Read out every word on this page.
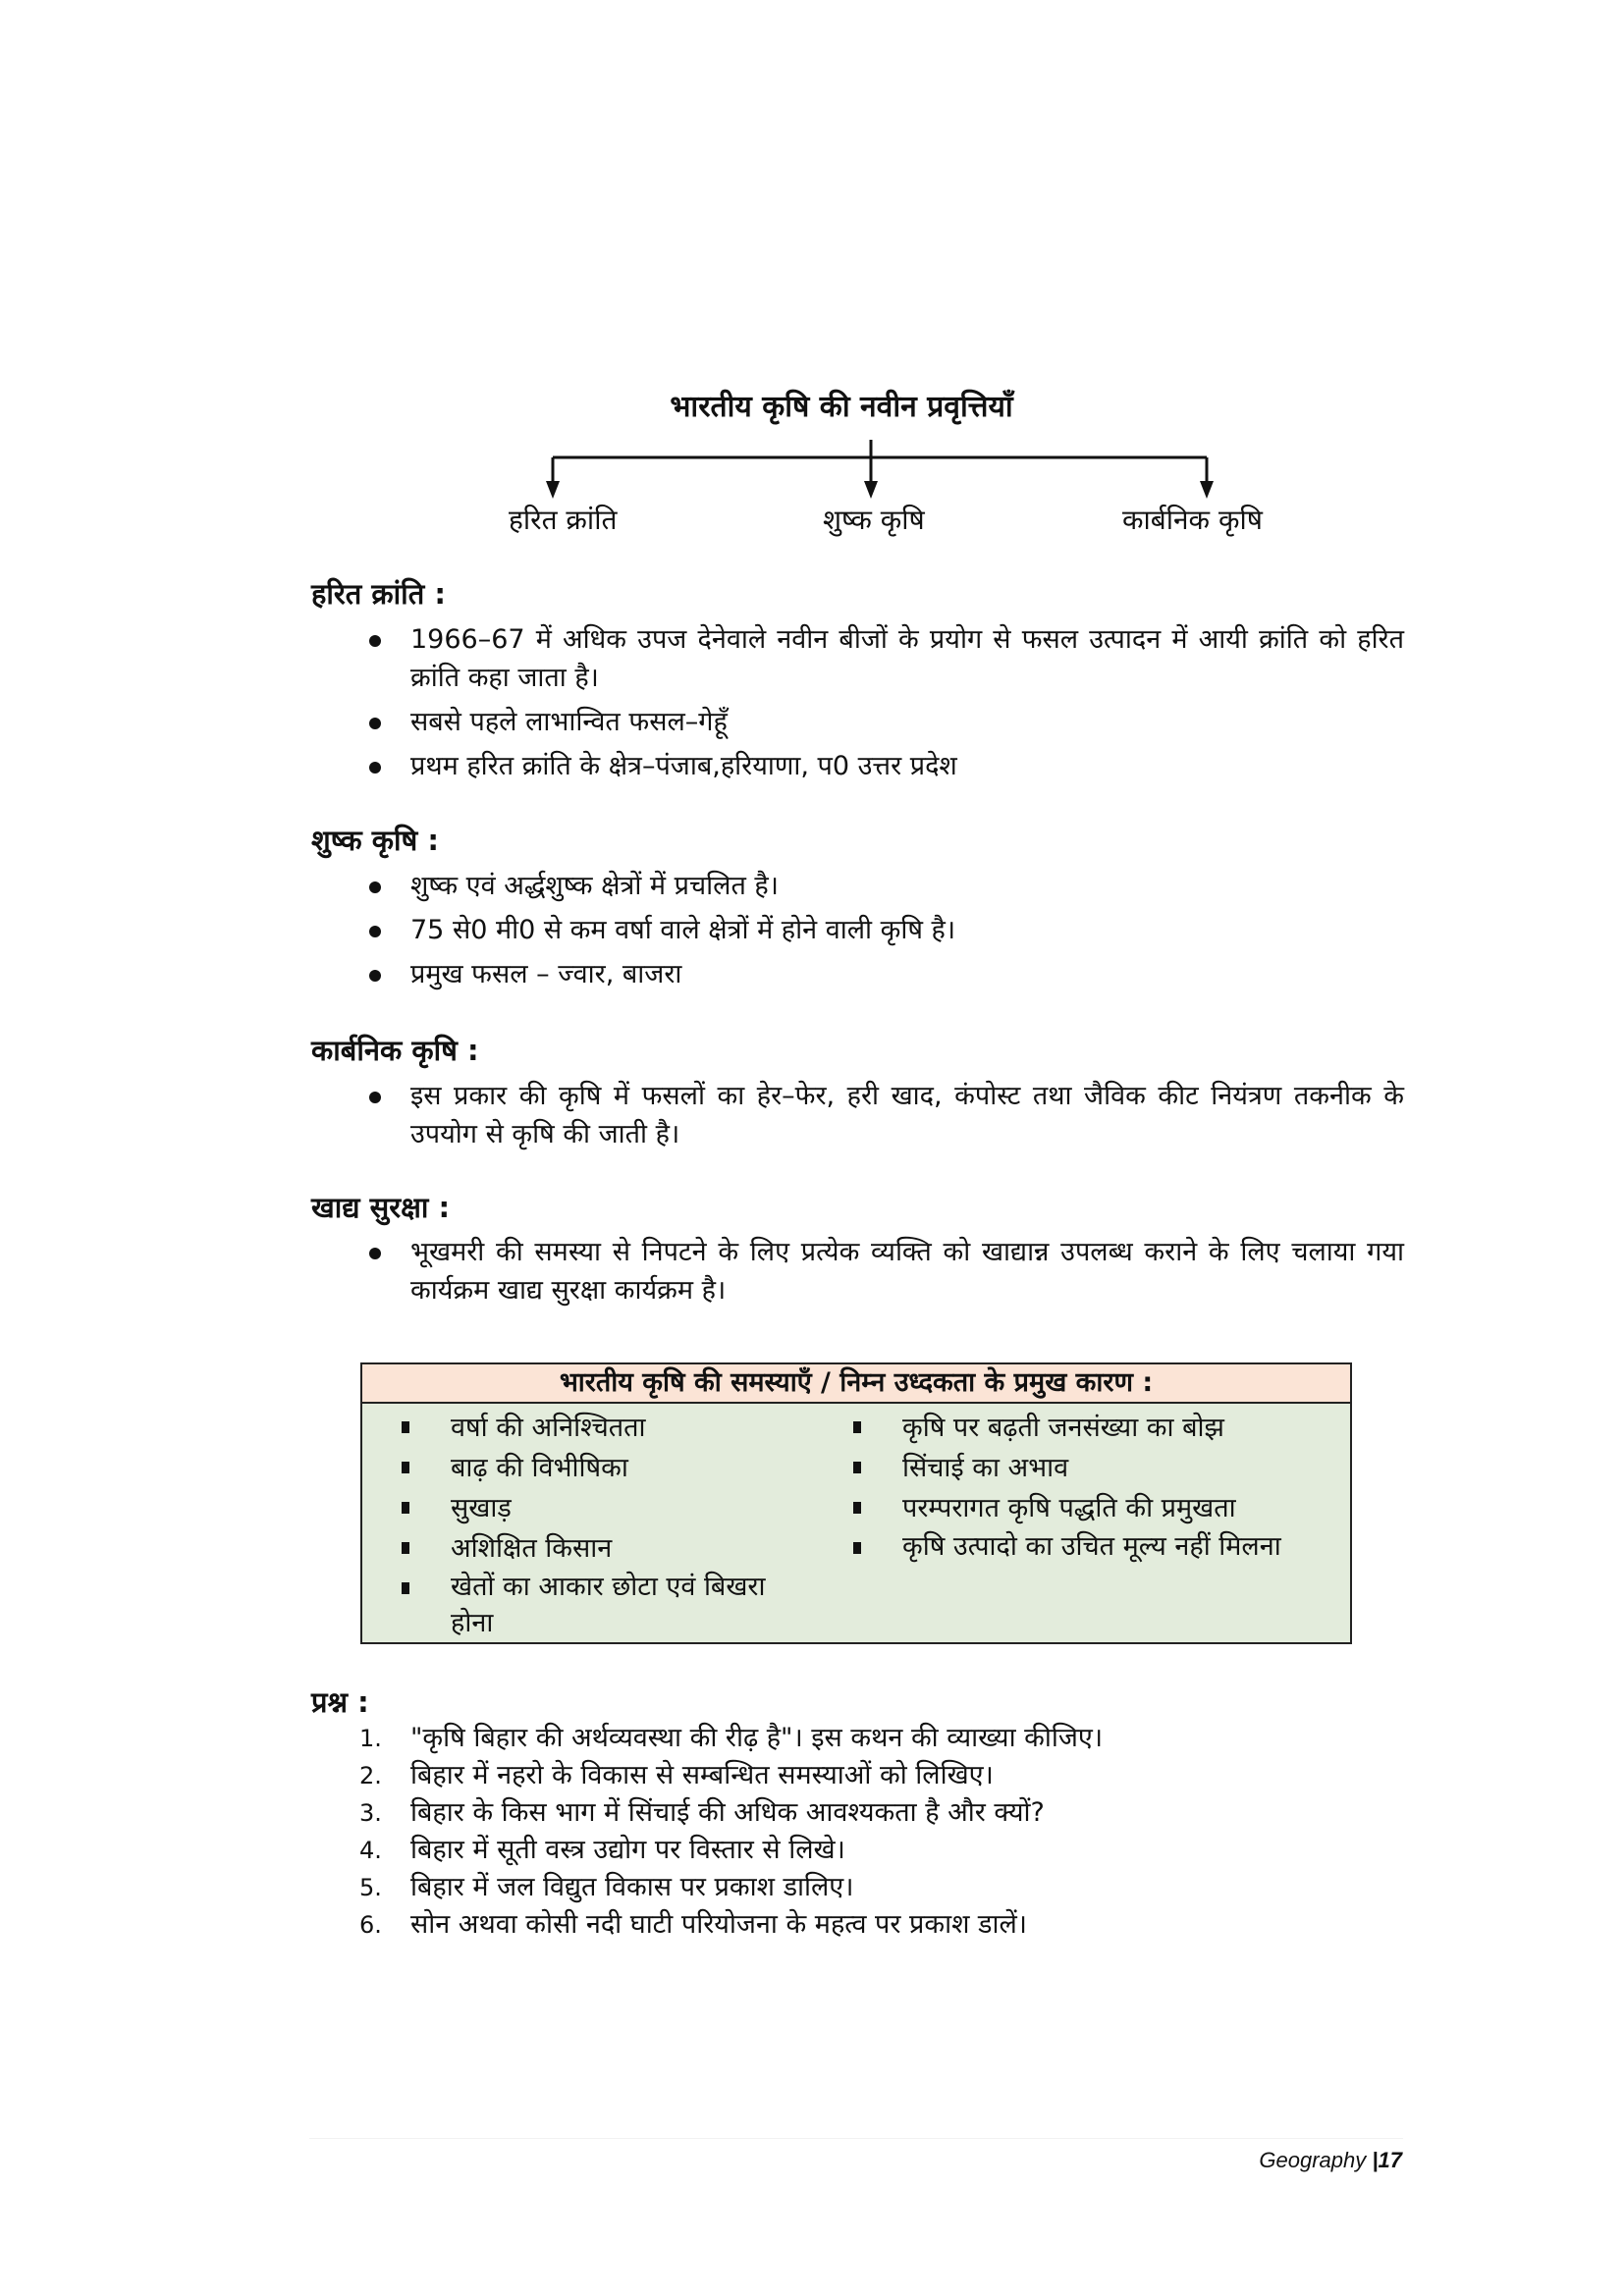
भारतीय कृषि की नवीन प्रवृत्तियाँ
हरित क्रांति	शुष्क कृषि	कार्बनिक कृषि
हरित क्रांति :
1966–67 में अधिक उपज देनेवाले नवीन बीजों के प्रयोग से फसल उत्पादन में आयी क्रांति को हरित क्रांति कहा जाता है।
सबसे पहले लाभान्वित फसल–गेहूँ
प्रथम हरित क्रांति के क्षेत्र–पंजाब,हरियाणा, प0 उत्तर प्रदेश
शुष्क कृषि :
शुष्क एवं अर्द्धशुष्क क्षेत्रों में प्रचलित है।
75 से0 मी0 से कम वर्षा वाले क्षेत्रों में होने वाली कृषि है।
प्रमुख फसल – ज्वार, बाजरा
कार्बनिक कृषि :
इस प्रकार की कृषि में फसलों का हेर–फेर, हरी खाद, कंपोस्ट तथा जैविक कीट नियंत्रण तकनीक के उपयोग से कृषि की जाती है।
खाद्य सुरक्षा :
भूखमरी की समस्या से निपटने के लिए प्रत्येक व्यक्ति को खाद्यान्न उपलब्ध कराने के लिए चलाया गया कार्यक्रम खाद्य सुरक्षा कार्यक्रम है।
भारतीय कृषि की समस्याएँ / निम्न उध्दकता के प्रमुख कारण :
वर्षा की अनिश्चितता
बाढ़ की विभीषिका
सुखाड़
अशिक्षित किसान
खेतों का आकार छोटा एवं बिखरा होना
कृषि पर बढ़ती जनसंख्या का बोझ
सिंचाई का अभाव
परम्परागत कृषि पद्धति की प्रमुखता
कृषि उत्पादो का उचित मूल्य नहीं मिलना
प्रश्न :
1. "कृषि बिहार की अर्थव्यवस्था की रीढ़ है"। इस कथन की व्याख्या कीजिए।
2. बिहार में नहरो के विकास से सम्बन्धित समस्याओं को लिखिए।
3. बिहार के किस भाग में सिंचाई की अधिक आवश्यकता है और क्यों?
4. बिहार में सूती वस्त्र उद्योग पर विस्तार से लिखे।
5. बिहार में जल विद्युत विकास पर प्रकाश डालिए।
6. सोन अथवा कोसी नदी घाटी परियोजना के महत्व पर प्रकाश डालें।
Geography |17
